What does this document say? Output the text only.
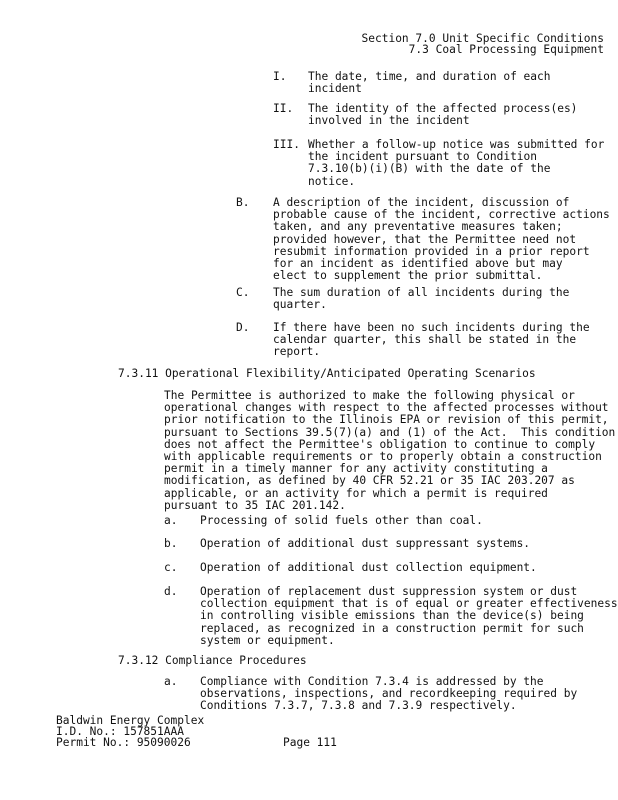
Section 7.0 Unit Specific Conditions
7.3 Coal Processing Equipment
I. The date, time, and duration of each
incident
II. The identity of the affected process(es)
involved in the incident
III. Whether a follow-up notice was submitted for
the incident pursuant to Condition
7.3.10(b)(i)(B) with the date of the
notice.
B. A description of the incident, discussion of
probable cause of the incident, corrective actions
taken, and any preventative measures taken;
provided however, that the Permittee need not
resubmit information provided in a prior report
for an incident as identified above but may
elect to supplement the prior submittal.
C. The sum duration of all incidents during the
quarter.
D. If there have been no such incidents during the
calendar quarter, this shall be stated in the
report.
7.3.11 Operational Flexibility/Anticipated Operating Scenarios
The Permittee is authorized to make the following physical or
operational changes with respect to the affected processes without
prior notification to the Illinois EPA or revision of this permit,
pursuant to Sections 39.5(7)(a) and (1) of the Act.  This condition
does not affect the Permittee's obligation to continue to comply
with applicable requirements or to properly obtain a construction
permit in a timely manner for any activity constituting a
modification, as defined by 40 CFR 52.21 or 35 IAC 203.207 as
applicable, or an activity for which a permit is required
pursuant to 35 IAC 201.142.
a. Processing of solid fuels other than coal.
b. Operation of additional dust suppressant systems.
c. Operation of additional dust collection equipment.
d. Operation of replacement dust suppression system or dust
collection equipment that is of equal or greater effectiveness
in controlling visible emissions than the device(s) being
replaced, as recognized in a construction permit for such
system or equipment.
7.3.12 Compliance Procedures
a. Compliance with Condition 7.3.4 is addressed by the
observations, inspections, and recordkeeping required by
Conditions 7.3.7, 7.3.8 and 7.3.9 respectively.
Baldwin Energy Complex
I.D. No.: 157851AAA
Permit No.: 95090026	Page 111
